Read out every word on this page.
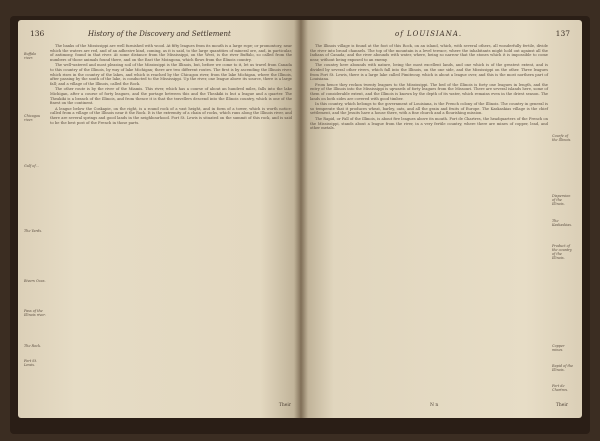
136	History of the Discovery and Settlement
Buffalo river.
Chicagou river.
Gulf of...
The Yards.
Rivers Ocas.
Pass of the Illinois river.
The Rock.
Fort St. Lewis.

The banks of the Mississippi are well furnished with wood. At fifty leagues from its mouth is a large rope; or promontory, near which the waters are red, and of an adhesive kind, coming, as it is said, to the large quantities of mineral ore, and, in particular, of antimony, found in that river. At some distance from the Mississippi, on the West, is the river Buffalo, so called from the numbers of those animals found there, and on the East the Moingona, which flows from the Illinois country.

The well-watered and most pleasing soil of the Mississippi is the Illinois, but, before we come to it, let us travel from Canada to this country of the Illinois, by way of lake Michigan; there are two different routes. The first is by ascending the Illinois river, which rises in the country of the lakes, and which is reached by the Chicagou river, from the lake Michigan, where the Illinois, after passing by the south of the lake, is conducted to the Mississippi. Up the river, one league above its source, there is a large fall; and a village of the Illinois, called the Rock.

The other route is by the river of the Miamis. This river, which has a course of about an hundred miles, falls into the lake Michigan, after a course of forty leagues, and the portage between this and the Theakiki is but a league and a quarter. The Theakiki is a branch of the Illinois, and from thence it is that the travellers descend into the Illinois country, which is one of the finest on the continent.

A league below the Coskapie, on the right, is a round rock of a vast height, and in form of a tower, which is worth notice; called from a village of the Illinois near it the Rock. It is the extremity of a chain of rocks, which runs along the Illinois river, and there are several springs and good lands in the neighbourhood. Fort St. Lewis is situated on the summit of this rock, and is said to be the best post of the French in those parts.

Their
of LOUISIANA.	137

The Illinois village is found at the foot of this Rock, on an island, which, with several others, all wonderfully fertile, divide the river into broad channels. The top of the mountain is a level terrace, where the inhabitants might hold out against all the Indians of Canada; and the river abounds with water, where, being so narrow that the stones which it is impossible to come near, without being exposed to an enemy.

The country here abounds with nature, being the most excellent lands, and one which is of the greatest extent, and is divided by several other rivers, which fall into the Illinois, on the one side, and the Mississippi on the other. Three leagues from Fort St. Lewis, there is a large lake called Pimiteouy, which is about a league over, and this is the most northern part of Louisiana.

From hence they reckon twenty leagues to the Mississippi. The bed of the Illinois is forty one leagues in length, and the entry of the Illinois into the Mississippi is upwards of forty leagues from the Missouri. There are several islands here, some of them of considerable extent, and the Illinois is known by the depth of its water, which remains even in the driest season. The lands on both sides are covered with good timber.

In this country, which belongs to the government of Louisiana, is the French colony of the Illinois. The country in general is so temperate that it produces wheat, barley, oats, and all the grain and fruits of Europe. The Kaskaskias village is the chief settlement, and the Jesuits have a house there, with a fine church and a flourishing mission.

The Rapid, or Fall of the Illinois, is about five leagues above its mouth. Fort de Chartres, the headquarters of the French on the Mississippi, stands about a league from the river, in a very fertile country, where there are mines of copper, lead, and other metals.

Courfe of the Illinois.
Dispersion of the Illinois.
The Kaskaskias.
Product of the country of the Illinois.
Copper mines.
Rapid of the Illinois.
Fort de Chartres.
N n	Their
